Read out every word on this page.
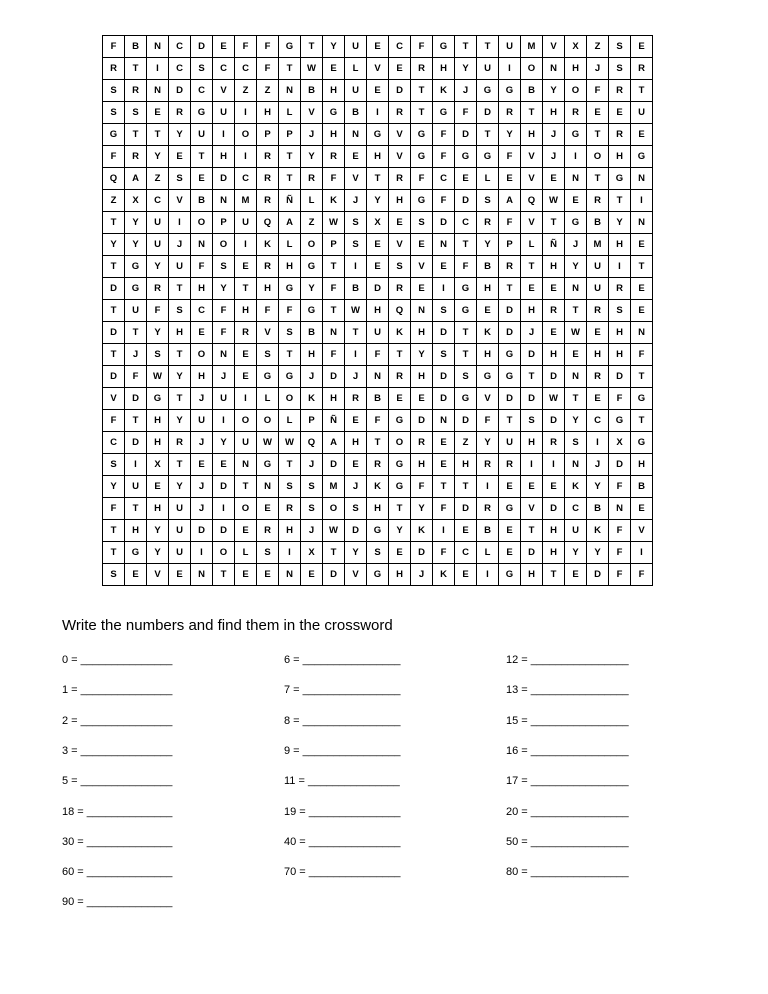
F	B	N	C	D	E	F	F	G	T	Y	U	E	C	F	G	T	T	U	M	V	X	Z	S	E
R	T	I	C	S	C	C	F	T	W	E	L	V	E	R	H	Y	U	I	O	N	H	J	S	R
S	R	N	D	C	V	Z	Z	N	B	H	U	E	D	T	K	J	G	G	B	Y	O	F	R	T
S	S	E	R	G	U	I	H	L	V	G	B	I	R	T	G	F	D	R	T	H	R	E	E	U
G	T	T	Y	U	I	O	P	P	J	H	N	G	V	G	F	D	T	Y	H	J	G	T	R	E
F	R	Y	E	T	H	I	R	T	Y	R	E	H	V	G	F	G	G	F	V	J	I	O	H	G
Q	A	Z	S	E	D	C	R	T	R	F	V	T	R	F	C	E	L	E	V	E	N	T	G	N
Z	X	C	V	B	N	M	R	Ñ	L	K	J	Y	H	G	F	D	S	A	Q	W	E	R	T	I
T	Y	U	I	O	P	U	Q	A	Z	W	S	X	E	S	D	C	R	F	V	T	G	B	Y	N
Y	Y	U	J	N	O	I	K	L	O	P	S	E	V	E	N	T	Y	P	L	Ñ	J	M	H	E
T	G	Y	U	F	S	E	R	H	G	T	I	E	S	V	E	F	B	R	T	H	Y	U	I	T
D	G	R	T	H	Y	T	H	G	Y	F	B	D	R	E	I	G	H	T	E	E	N	U	R	E
T	U	F	S	C	F	H	F	F	G	T	W	H	Q	N	S	G	E	D	H	R	T	R	S	E
D	T	Y	H	E	F	R	V	S	B	N	T	U	K	H	D	T	K	D	J	E	W	E	H	N
T	J	S	T	O	N	E	S	T	H	F	I	F	T	Y	S	T	H	G	D	H	E	H	H	F
D	F	W	Y	H	J	E	G	G	J	D	J	N	R	H	D	S	G	G	T	D	N	R	D	T
V	D	G	T	J	U	I	L	O	K	H	R	B	E	E	D	G	V	D	D	W	T	E	F	G
F	T	H	Y	U	I	O	O	L	P	Ñ	E	F	G	D	N	D	F	T	S	D	Y	C	G	T
C	D	H	R	J	Y	U	W	W	Q	A	H	T	O	R	E	Z	Y	U	H	R	S	I	X	G
S	I	X	T	E	E	N	G	T	J	D	E	R	G	H	E	H	R	R	I	I	N	J	D	H
Y	U	E	Y	J	D	T	N	S	S	M	J	K	G	F	T	T	I	E	E	E	K	Y	F	B
F	T	H	U	J	I	O	E	R	S	O	S	H	T	Y	F	D	R	G	V	D	C	B	N	E
T	H	Y	U	D	D	E	R	H	J	W	D	G	Y	K	I	E	B	E	T	H	U	K	F	V
T	G	Y	U	I	O	L	S	I	X	T	Y	S	E	D	F	C	L	E	D	H	Y	Y	F	I
S	E	V	E	N	T	E	E	N	E	D	V	G	H	J	K	E	I	G	H	T	E	D	F	F
Write the numbers and find them in the crossword
0 = _______________	6 = ________________	12 = ________________
1 = _______________	7 = ________________	13 = ________________
2 = _______________	8 = ________________	15 = ________________
3 = _______________	9 = ________________	16 = ________________
5 = _______________	11 = _______________	17 = ________________
18 = ______________	19 = _______________	20 = ________________
30 = ______________	40 = _______________	50 = ________________
60 = ______________	70 = _______________	80 = ________________
90 = ______________
